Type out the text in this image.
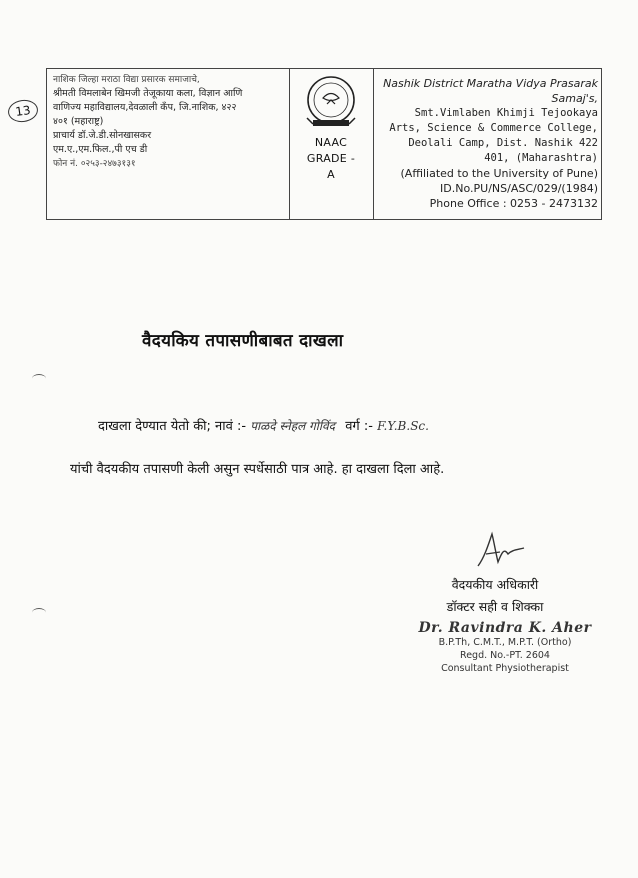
13
नाशिक जिल्हा मराठा विद्या प्रसारक समाजाचे,
श्रीमती विमलाबेन खिमजी तेजूकाया कला, विज्ञान आणि
वाणिज्य महाविद्यालय,देवळाली कँप, जि.नाशिक, ४२२
४०१ (महाराष्ट्र)
प्राचार्य डॉ.जे.डी.सोनखासकर
एम.ए.,एम.फिल.,पी एच डी
फोन नं. ०२५३-२४७३१३१
NAAC
GRADE -
A
Nashik District Maratha Vidya Prasarak
Samaj's,
Smt.Vimlaben Khimji Tejookaya
Arts, Science & Commerce College,
Deolali Camp, Dist. Nashik 422
401, (Maharashtra)
(Affiliated to the University of Pune)
ID.No.PU/NS/ASC/029/(1984)
Phone Office : 0253 - 2473132
वैदयकिय तपासणीबाबत दाखला
दाखला देण्यात येतो की; नावं :- पाळदे स्नेहल गोविंद वर्ग :- F.Y.B.Sc.
यांची वैदयकीय तपासणी केली असुन स्पर्धेसाठी पात्र आहे. हा दाखला दिला आहे.
वैदयकीय अधिकारी
डॉक्टर सही व शिक्का
Dr. Ravindra K. Aher
B.P.Th, C.M.T., M.P.T. (Ortho)
Regd. No.-PT. 2604
Consultant Physiotherapist
